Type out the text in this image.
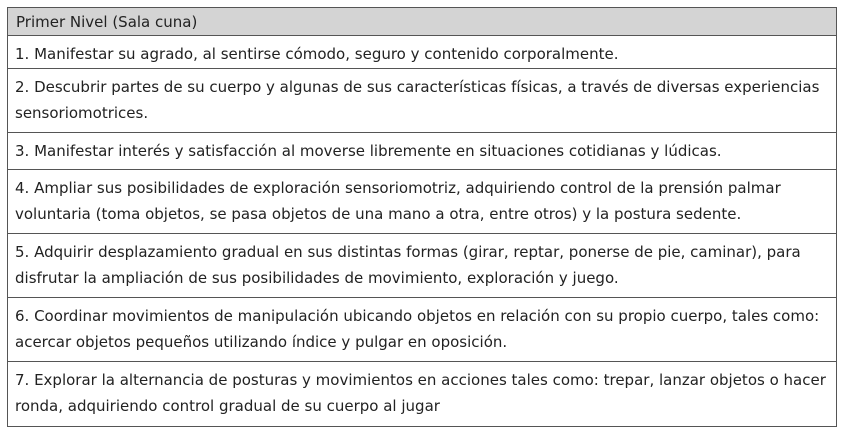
Primer Nivel (Sala cuna)
1. Manifestar su agrado, al sentirse cómodo, seguro y contenido corporalmente.
2. Descubrir partes de su cuerpo y algunas de sus características físicas, a través de diversas experiencias sensoriomotrices.
3. Manifestar interés y satisfacción al moverse libremente en situaciones cotidianas y lúdicas.
4. Ampliar sus posibilidades de exploración sensoriomotriz, adquiriendo control de la prensión palmar voluntaria (toma objetos, se pasa objetos de una mano a otra, entre otros) y la postura sedente.
5. Adquirir desplazamiento gradual en sus distintas formas (girar, reptar, ponerse de pie, caminar), para disfrutar la ampliación de sus posibilidades de movimiento, exploración y juego.
6. Coordinar movimientos de manipulación ubicando objetos en relación con su propio cuerpo, tales como: acercar objetos pequeños utilizando índice y pulgar en oposición.
7. Explorar la alternancia de posturas y movimientos en acciones tales como: trepar, lanzar objetos o hacer ronda, adquiriendo control gradual de su cuerpo al jugar
